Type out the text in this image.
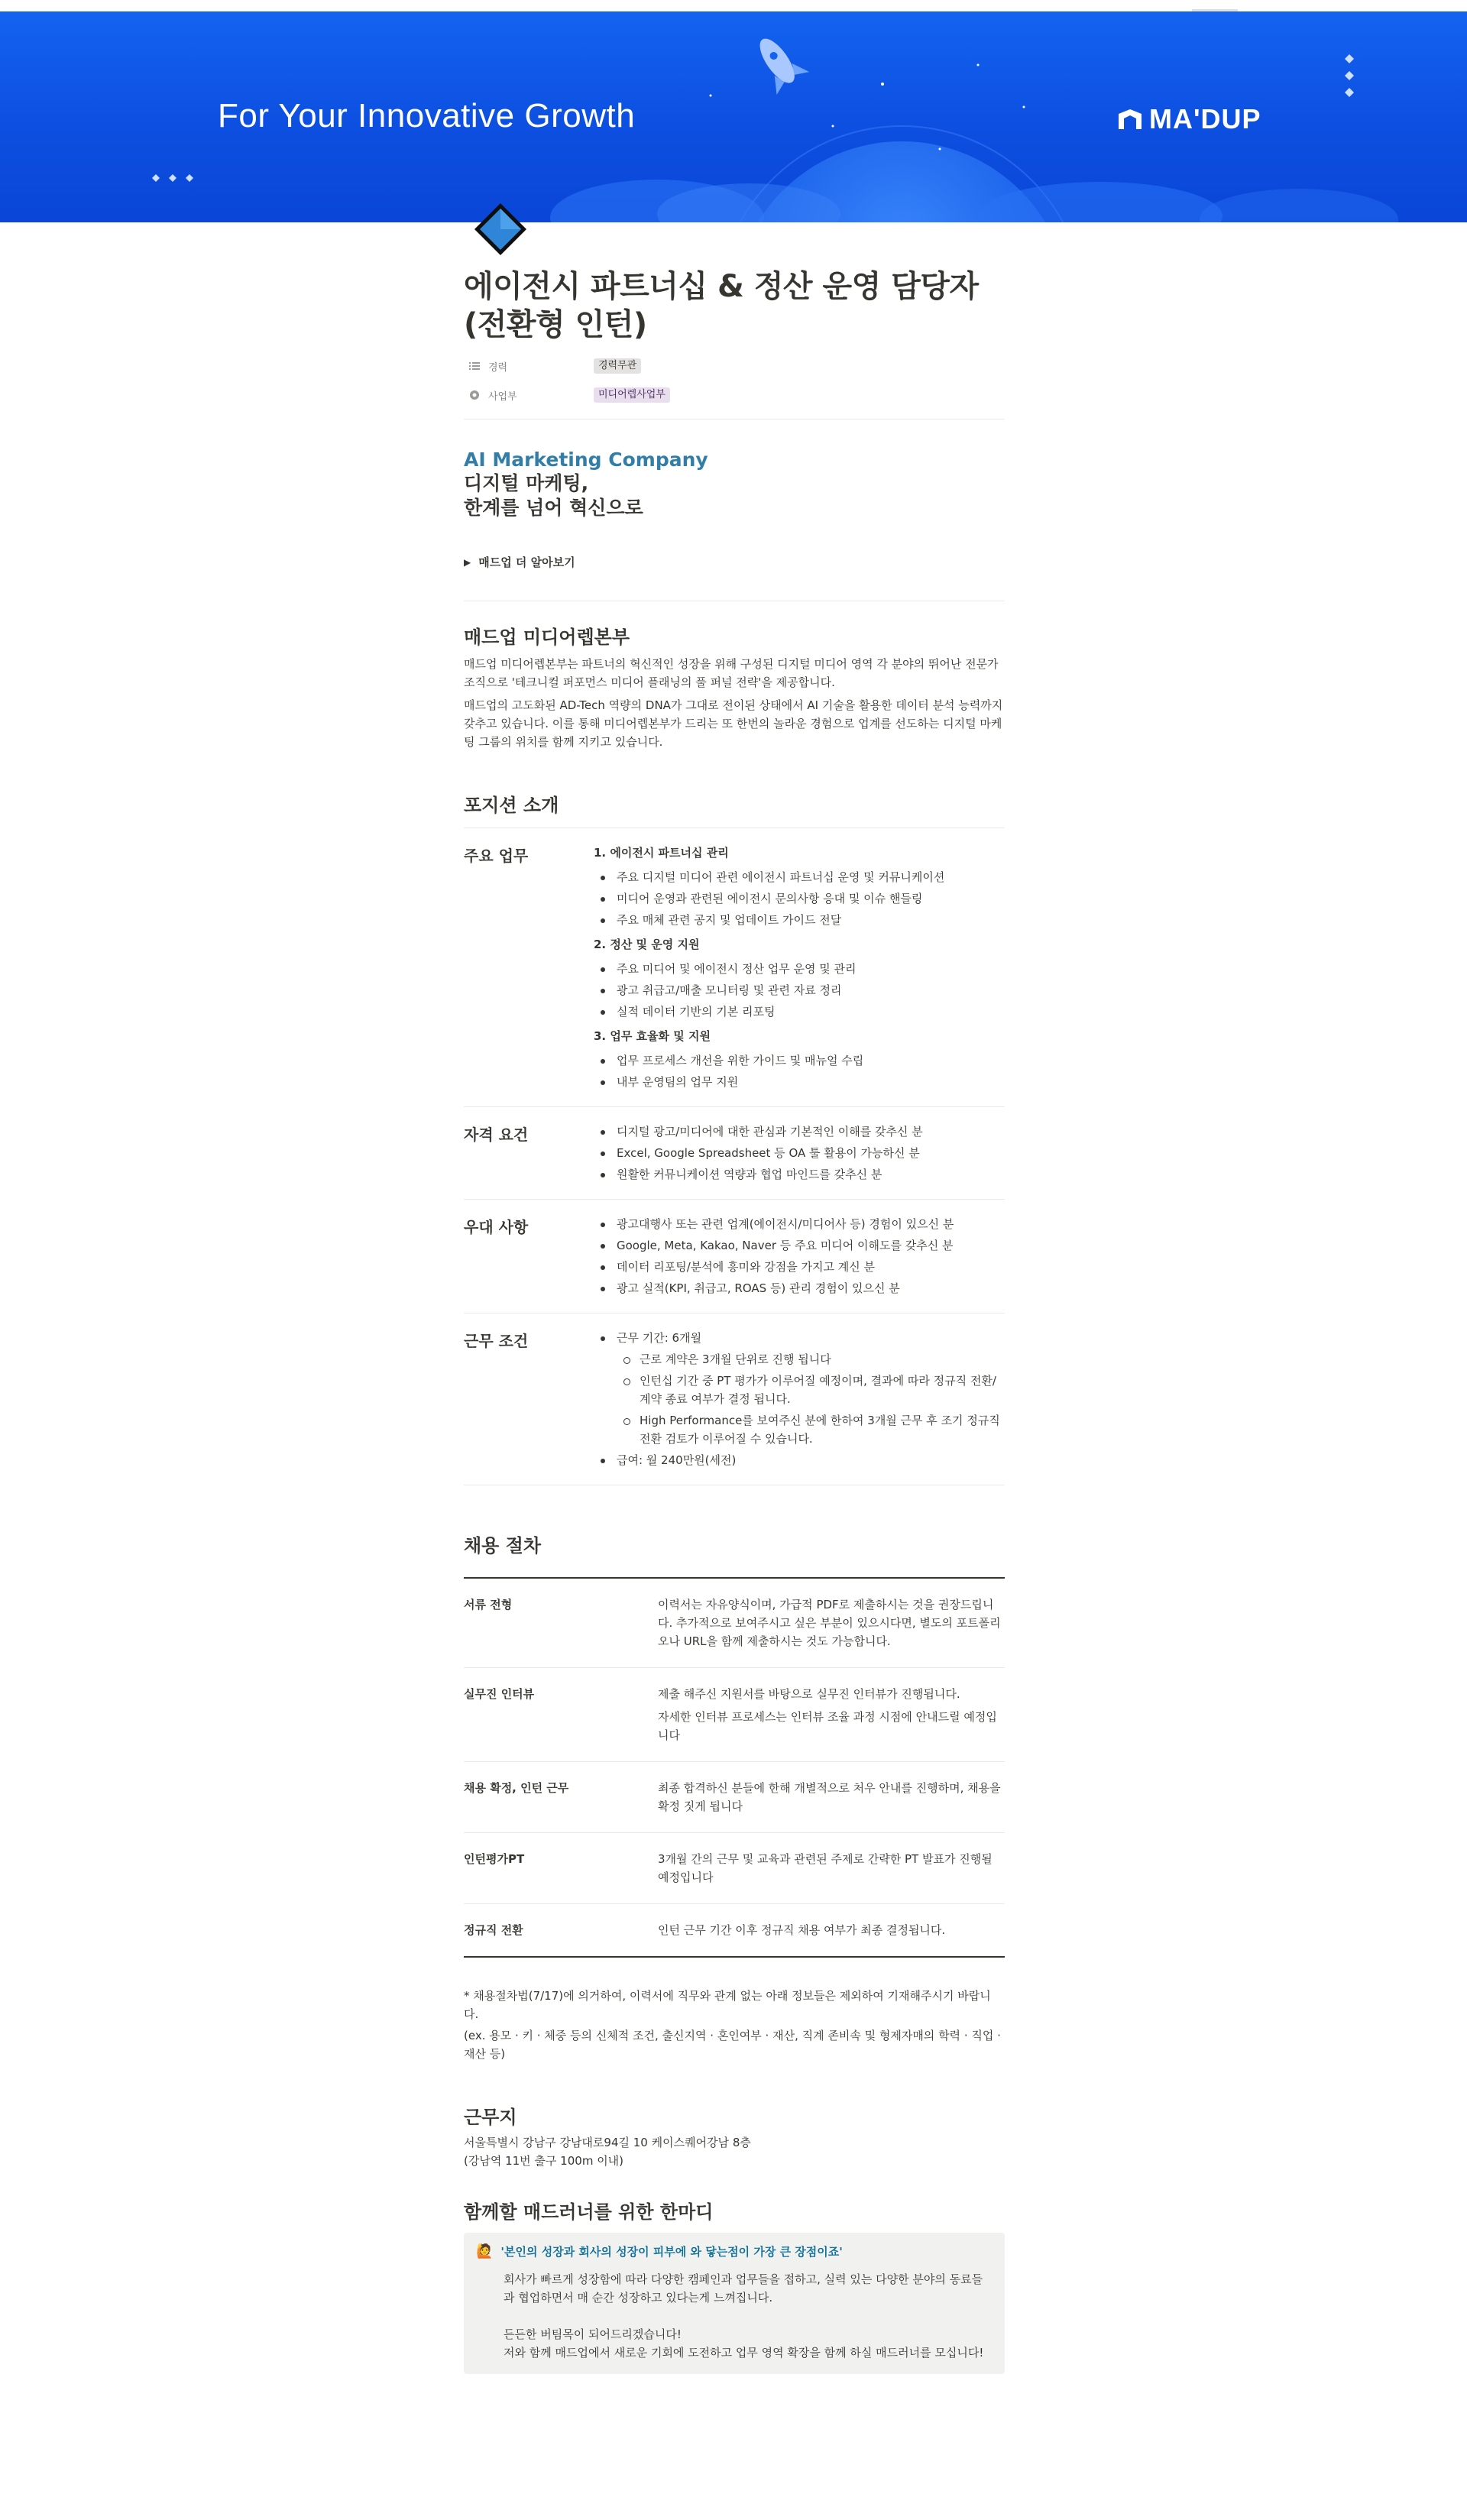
For Your Innovative Growth	MA'DUP
에이전시 파트너십 & 정산 운영 담당자 (전환형 인턴)
경력	경력무관
사업부	미디어렙사업부
AI Marketing Company
디지털 마케팅,
한계를 넘어 혁신으로
▶ 매드업 더 알아보기
매드업 미디어렙본부

매드업 미디어렙본부는 파트너의 혁신적인 성장을 위해 구성된 디지털 미디어 영역 각 분야의 뛰어난 전문가 조직으로 '테크니컬 퍼포먼스 미디어 플래닝의 풀 퍼널 전략'을 제공합니다.

매드업의 고도화된 AD-Tech 역량의 DNA가 그대로 전이된 상태에서 AI 기술을 활용한 데이터 분석 능력까지 갖추고 있습니다. 이를 통해 미디어렙본부가 드리는 또 한번의 놀라운 경험으로 업계를 선도하는 디지털 마케팅 그룹의 위치를 함께 지키고 있습니다.

포지션 소개
주요 업무	1. 에이전시 파트너십 관리
주요 디지털 미디어 관련 에이전시 파트너십 운영 및 커뮤니케이션
미디어 운영과 관련된 에이전시 문의사항 응대 및 이슈 핸들링
주요 매체 관련 공지 및 업데이트 가이드 전달
2. 정산 및 운영 지원
주요 미디어 및 에이전시 정산 업무 운영 및 관리
광고 취급고/매출 모니터링 및 관련 자료 정리
실적 데이터 기반의 기본 리포팅
3. 업무 효율화 및 지원
업무 프로세스 개선을 위한 가이드 및 매뉴얼 수립
내부 운영팀의 업무 지원
자격 요건	디지털 광고/미디어에 대한 관심과 기본적인 이해를 갖추신 분
Excel, Google Spreadsheet 등 OA 툴 활용이 가능하신 분
원활한 커뮤니케이션 역량과 협업 마인드를 갖추신 분
우대 사항	광고대행사 또는 관련 업계(에이전시/미디어사 등) 경험이 있으신 분
Google, Meta, Kakao, Naver 등 주요 미디어 이해도를 갖추신 분
데이터 리포팅/분석에 흥미와 강점을 가지고 계신 분
광고 실적(KPI, 취급고, ROAS 등) 관리 경험이 있으신 분
근무 조건	근무 기간: 6개월
근로 계약은 3개월 단위로 진행 됩니다
인턴십 기간 중 PT 평가가 이루어질 예정이며, 결과에 따라 정규직 전환/계약 종료 여부가 결정 됩니다.
High Performance를 보여주신 분에 한하여 3개월 근무 후 조기 정규직 전환 검토가 이루어질 수 있습니다.
급여: 월 240만원(세전)
채용 절차
서류 전형	이력서는 자유양식이며, 가급적 PDF로 제출하시는 것을 권장드립니다. 추가적으로 보여주시고 싶은 부분이 있으시다면, 별도의 포트폴리오나 URL을 함께 제출하시는 것도 가능합니다.

실무진 인터뷰	제출 해주신 지원서를 바탕으로 실무진 인터뷰가 진행됩니다.

자세한 인터뷰 프로세스는 인터뷰 조율 과정 시점에 안내드릴 예정입니다

채용 확정, 인턴 근무	최종 합격하신 분들에 한해 개별적으로 처우 안내를 진행하며, 채용을 확정 짓게 됩니다

인턴평가PT	3개월 간의 근무 및 교육과 관련된 주제로 간략한 PT 발표가 진행될 예정입니다

정규직 전환	인턴 근무 기간 이후 정규직 채용 여부가 최종 결정됩니다.

* 채용절차법(7/17)에 의거하여, 이력서에 직무와 관계 없는 아래 정보들은 제외하여 기재해주시기 바랍니다.

(ex. 용모 · 키 · 체중 등의 신체적 조건, 출신지역 · 혼인여부 · 재산, 직계 존비속 및 형제자매의 학력 · 직업 · 재산 등)

근무지

서울특별시 강남구 강남대로94길 10 케이스퀘어강남 8층

(강남역 11번 출구 100m 이내)

함께할 매드러너를 위한 한마디
🙋 '본인의 성장과 회사의 성장이 피부에 와 닿는점이 가장 큰 장점이죠'

회사가 빠르게 성장함에 따라 다양한 캠페인과 업무들을 접하고, 실력 있는 다양한 분야의 동료들과 협업하면서 매 순간 성장하고 있다는게 느껴집니다.

든든한 버팀목이 되어드리겠습니다!
저와 함께 매드업에서 새로운 기회에 도전하고 업무 영역 확장을 함께 하실 매드러너를 모십니다!
